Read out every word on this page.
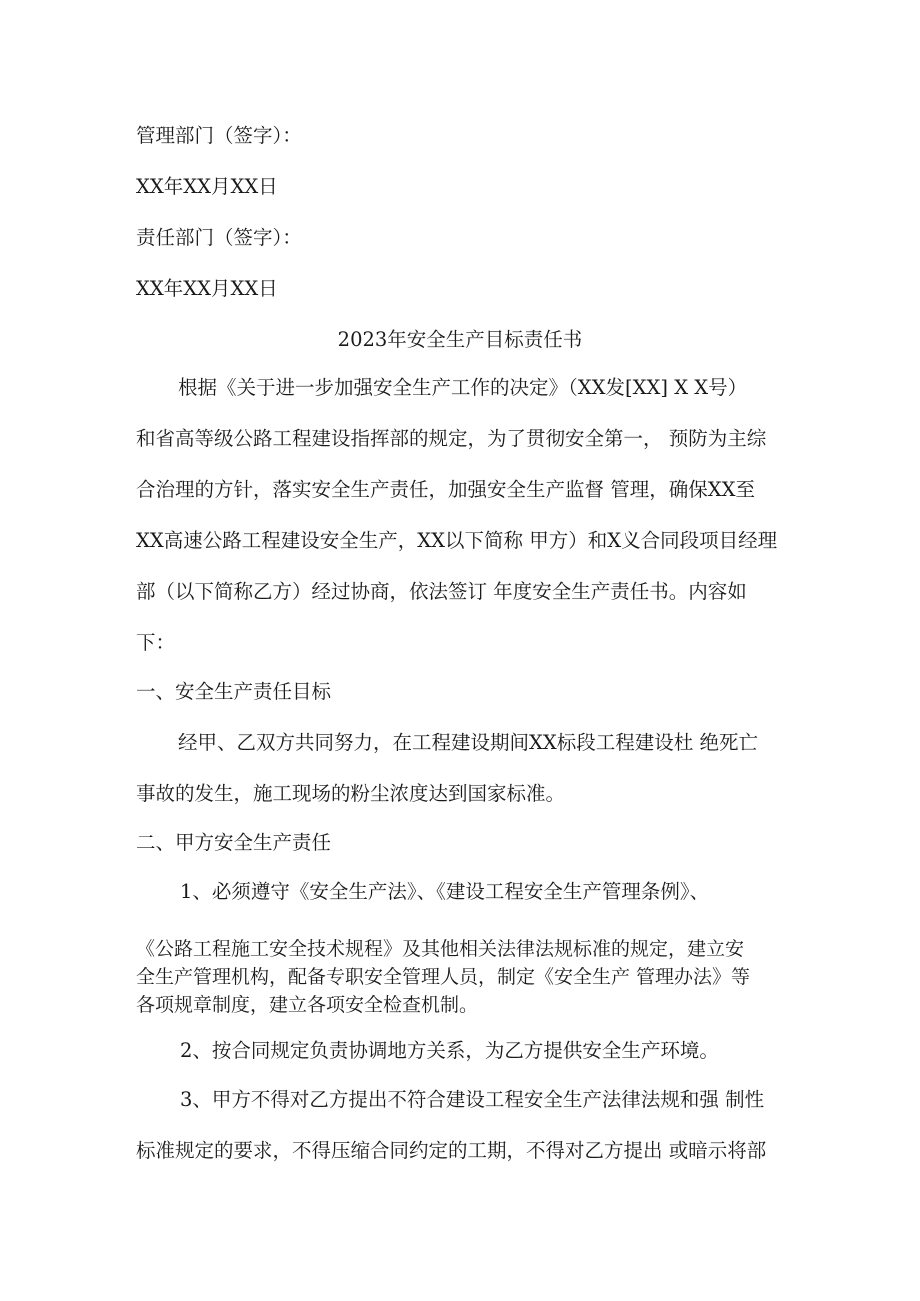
管理部门（签字）：

XX年XX月XX日

责任部门（签字）：

XX年XX月XX日

2023年安全生产目标责任书

根据《关于进一步加强安全生产工作的决定》（XX发[XX] X X号）

和省高等级公路工程建设指挥部的规定，为了贯彻安全第一， 预防为主综

合治理的方针，落实安全生产责任，加强安全生产监督 管理，确保XX至

XX高速公路工程建设安全生产，XX以下简称 甲方）和X义合同段项目经理

部（以下简称乙方）经过协商，依法签订 年度安全生产责任书。内容如

下：

一、安全生产责任目标

经甲、乙双方共同努力，在工程建设期间XX标段工程建设杜 绝死亡

事故的发生，施工现场的粉尘浓度达到国家标准。

二、甲方安全生产责任

1、必须遵守《安全生产法》、《建设工程安全生产管理条例》、

《公路工程施工安全技术规程》及其他相关法律法规标准的规定，建立安

全生产管理机构，配备专职安全管理人员，制定《安全生产 管理办法》等

各项规章制度，建立各项安全检查机制。

2、按合同规定负责协调地方关系，为乙方提供安全生产环境。

3、甲方不得对乙方提出不符合建设工程安全生产法律法规和强 制性

标准规定的要求，不得压缩合同约定的工期，不得对乙方提出 或暗示将部
